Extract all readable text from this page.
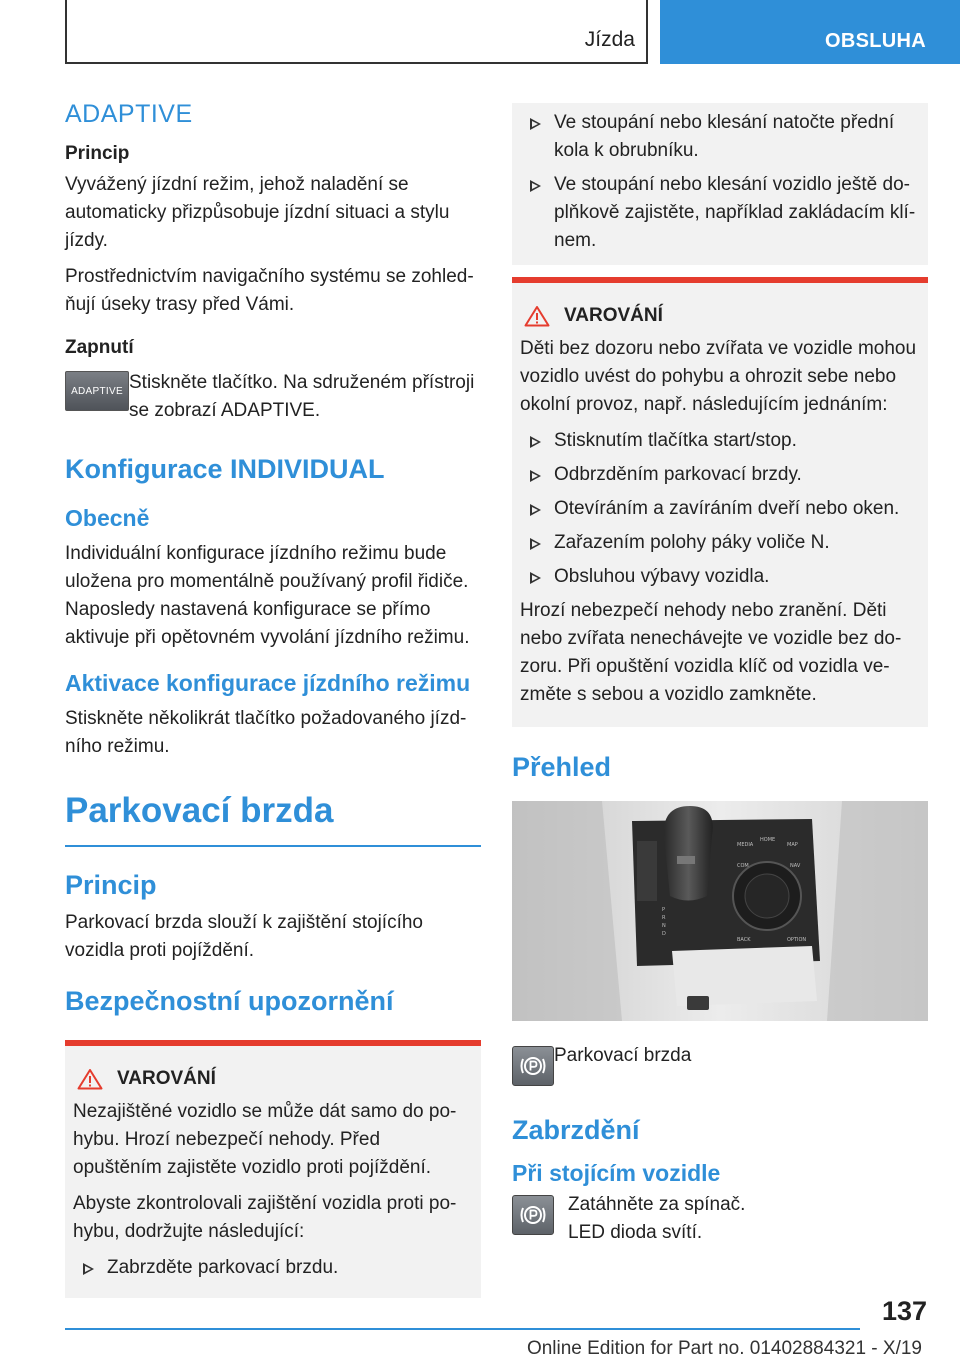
Jízda	OBSLUHA
ADAPTIVE
Princip

Vyvážený jízdní režim, jehož naladění se automaticky přizpůsobuje jízdní situaci a stylu jízdy.

Prostřednictvím navigačního systému se zohledňují úseky trasy před Vámi.

Zapnutí
ADAPTIVE Stiskněte tlačítko. Na sdruženém přístroji se zobrazí ADAPTIVE.

Konfigurace INDIVIDUAL
Obecně

Individuální konfigurace jízdního režimu bude uložena pro momentálně používaný profil řidiče. Naposledy nastavená konfigurace se přímo aktivuje při opětovném vyvolání jízdního režimu.

Aktivace konfigurace jízdního režimu

Stiskněte několikrát tlačítko požadovaného jízdního režimu.

Parkovací brzda
Princip

Parkovací brzda slouží k zajištění stojícího vozidla proti pojíždění.

Bezpečnostní upozornění
VAROVÁNÍ

Nezajištěné vozidlo se může dát samo do pohybu. Hrozí nebezpečí nehody. Před opuštěním zajistěte vozidlo proti pojíždění.

Abyste zkontrolovali zajištění vozidla proti pohybu, dodržujte následující:

Zabrzděte parkovací brzdu.
Ve stoupání nebo klesání natočte přední kola k obrubníku.
Ve stoupání nebo klesání vozidlo ještě doplňkově zajistěte, například zakládacím klínem.
VAROVÁNÍ

Děti bez dozoru nebo zvířata ve vozidle mohou vozidlo uvést do pohybu a ohrozit sebe nebo okolní provoz, např. následujícím jednáním:

Stisknutím tlačítka start/stop.
Odbrzděním parkovací brzdy.
Otevíráním a zavíráním dveří nebo oken.
Zařazením polohy páky voliče N.
Obsluhou výbavy vozidla.

Hrozí nebezpečí nehody nebo zranění. Děti nebo zvířata nenechávejte ve vozidle bez dozoru. Při opuštění vozidla klíč od vozidla vezměte s sebou a vozidlo zamkněte.

Přehled
MEDIA
HOME
MAP
COM	NAV
BACK	OPTION
P
R
N
D

Parkovací brzda

Zabrzdění
Při stojícím vozidle

Zatáhněte za spínač.

LED dioda svítí.

137
Online Edition for Part no. 01402884321 - X/19
